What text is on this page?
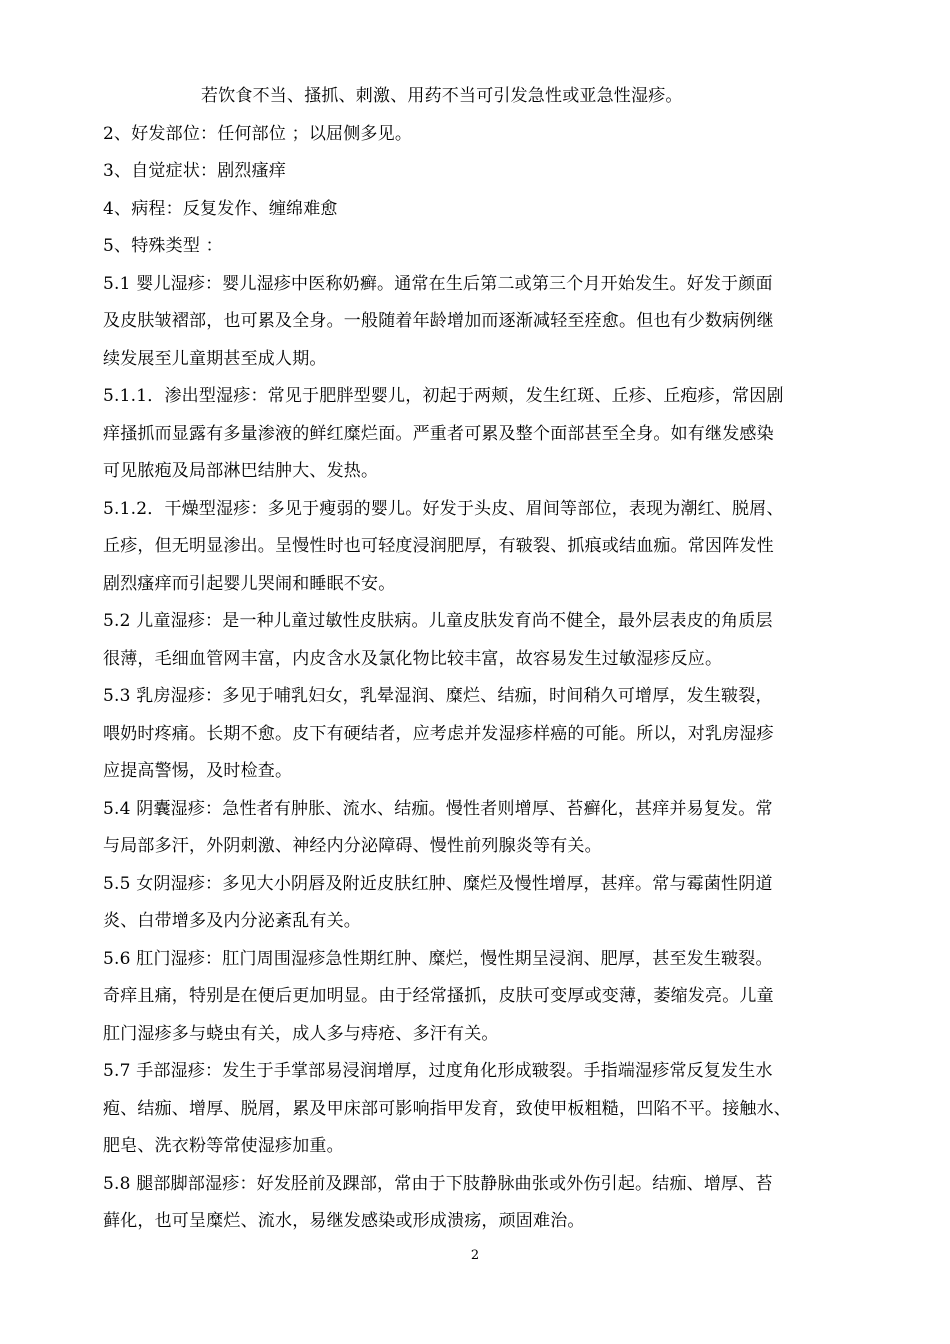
若饮食不当、搔抓、刺激、用药不当可引发急性或亚急性湿疹。
2、好发部位：任何部位 ；以屈侧多见。
3、自觉症状：剧烈瘙痒
4、病程：反复发作、缠绵难愈
5、特殊类型 ：
5.1 婴儿湿疹：婴儿湿疹中医称奶癣。通常在生后第二或第三个月开始发生。好发于颜面
及皮肤皱褶部，也可累及全身。一般随着年龄增加而逐渐减轻至痊愈。但也有少数病例继
续发展至儿童期甚至成人期。
5.1.1．渗出型湿疹：常见于肥胖型婴儿，初起于两颊，发生红斑、丘疹、丘疱疹，常因剧
痒搔抓而显露有多量渗液的鲜红糜烂面。严重者可累及整个面部甚至全身。如有继发感染
可见脓疱及局部淋巴结肿大、发热。
5.1.2．干燥型湿疹：多见于瘦弱的婴儿。好发于头皮、眉间等部位，表现为潮红、脱屑、
丘疹，但无明显渗出。呈慢性时也可轻度浸润肥厚，有皲裂、抓痕或结血痂。常因阵发性
剧烈瘙痒而引起婴儿哭闹和睡眠不安。
5.2 儿童湿疹：是一种儿童过敏性皮肤病。儿童皮肤发育尚不健全，最外层表皮的角质层
很薄，毛细血管网丰富，内皮含水及氯化物比较丰富，故容易发生过敏湿疹反应。
5.3 乳房湿疹：多见于哺乳妇女，乳晕湿润、糜烂、结痂，时间稍久可增厚，发生皲裂，
喂奶时疼痛。长期不愈。皮下有硬结者，应考虑并发湿疹样癌的可能。所以，对乳房湿疹
应提高警惕，及时检查。
5.4 阴囊湿疹：急性者有肿胀、流水、结痂。慢性者则增厚、苔癣化，甚痒并易复发。常
与局部多汗，外阴刺激、神经内分泌障碍、慢性前列腺炎等有关。
5.5 女阴湿疹：多见大小阴唇及附近皮肤红肿、糜烂及慢性增厚，甚痒。常与霉菌性阴道
炎、白带增多及内分泌紊乱有关。
5.6 肛门湿疹：肛门周围湿疹急性期红肿、糜烂，慢性期呈浸润、肥厚，甚至发生皲裂。
奇痒且痛，特别是在便后更加明显。由于经常搔抓，皮肤可变厚或变薄，萎缩发亮。儿童
肛门湿疹多与蛲虫有关，成人多与痔疮、多汗有关。
5.7 手部湿疹：发生于手掌部易浸润增厚，过度角化形成皲裂。手指端湿疹常反复发生水
疱、结痂、增厚、脱屑，累及甲床部可影响指甲发育，致使甲板粗糙，凹陷不平。接触水、
肥皂、洗衣粉等常使湿疹加重。
5.8 腿部脚部湿疹：好发胫前及踝部，常由于下肢静脉曲张或外伤引起。结痂、增厚、苔
藓化，也可呈糜烂、流水，易继发感染或形成溃疡，顽固难治。
2
